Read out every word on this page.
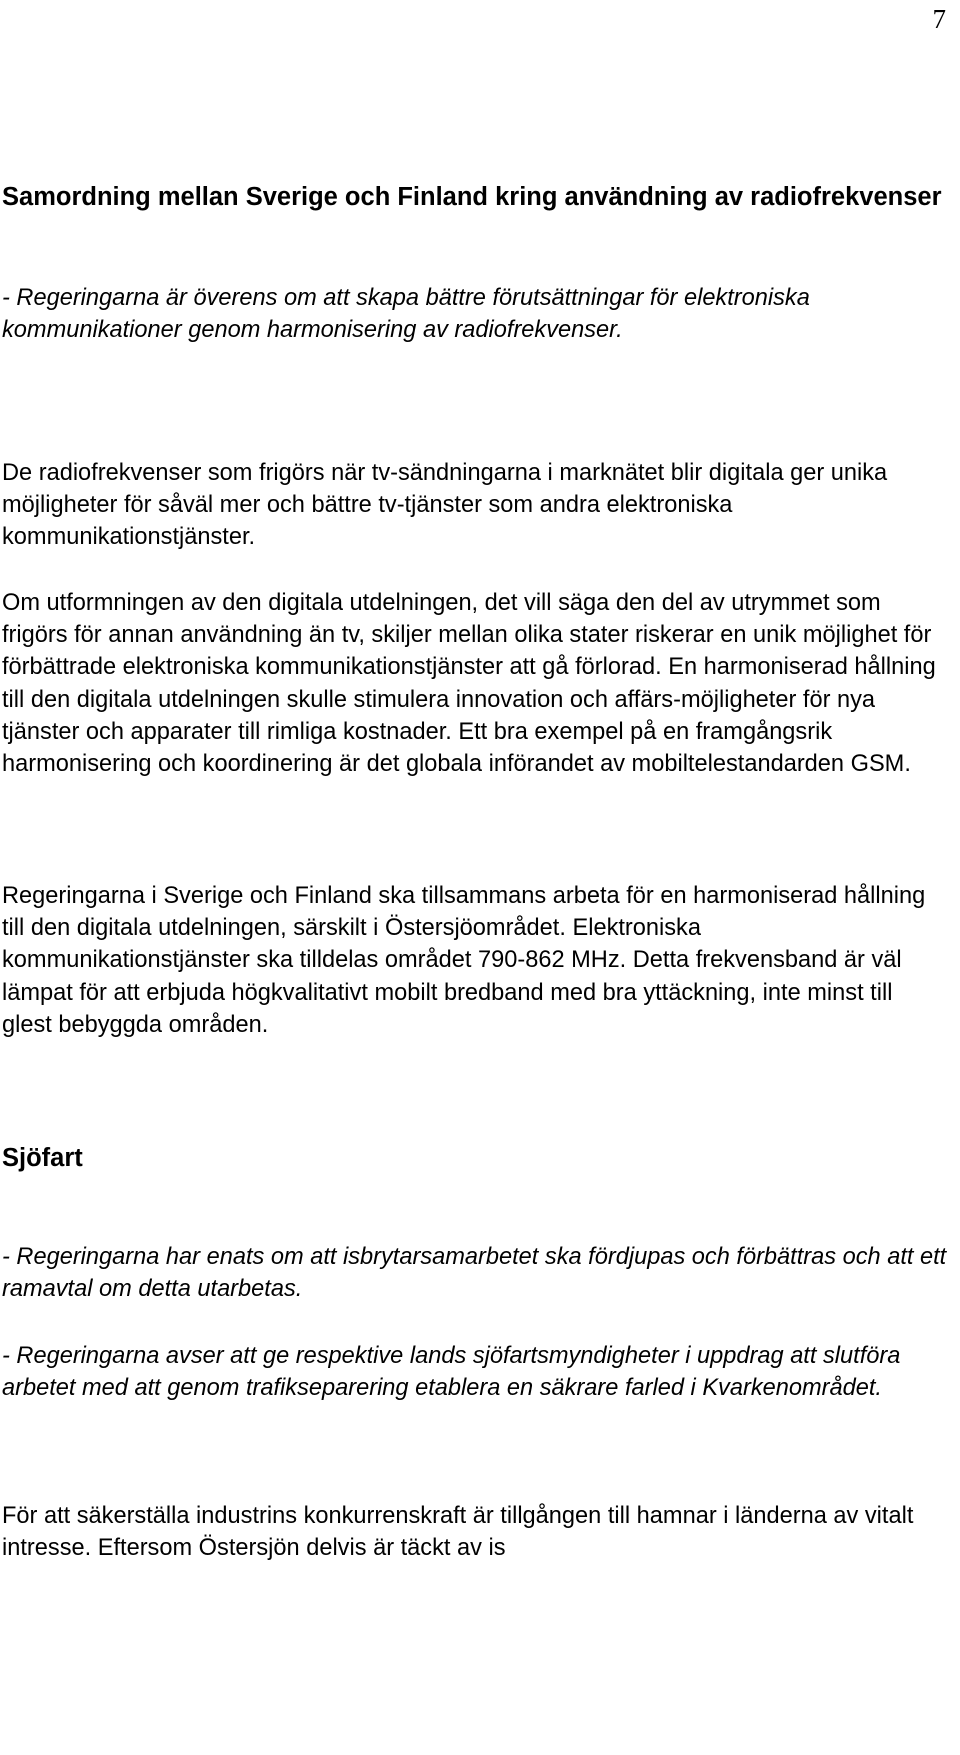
7
Samordning mellan Sverige och Finland kring användning av radiofrekvenser

- Regeringarna är överens om att skapa bättre förutsättningar för elektroniska kommunikationer genom harmonisering av radiofrekvenser.

De radiofrekvenser som frigörs när tv-sändningarna i marknätet blir digitala ger unika möjligheter för såväl mer och bättre tv-tjänster som andra elektroniska kommunikationstjänster.

Om utformningen av den digitala utdelningen, det vill säga den del av utrymmet som frigörs för annan användning än tv, skiljer mellan olika stater riskerar en unik möjlighet för förbättrade elektroniska kommunikationstjänster att gå förlorad. En harmoniserad hållning till den digitala utdelningen skulle stimulera innovation och affärs-möjligheter för nya tjänster och apparater till rimliga kostnader. Ett bra exempel på en framgångsrik harmonisering och koordinering är det globala införandet av mobiltelestandarden GSM.

Regeringarna i Sverige och Finland ska tillsammans arbeta för en harmoniserad hållning till den digitala utdelningen, särskilt i Östersjöområdet. Elektroniska kommunikationstjänster ska tilldelas området 790-862 MHz. Detta frekvensband är väl lämpat för att erbjuda högkvalitativt mobilt bredband med bra yttäckning, inte minst till glest bebyggda områden.

Sjöfart

- Regeringarna har enats om att isbrytarsamarbetet ska fördjupas och förbättras och att ett ramavtal om detta utarbetas.

- Regeringarna avser att ge respektive lands sjöfartsmyndigheter i uppdrag att slutföra arbetet med att genom trafikseparering etablera en säkrare farled i Kvarkenområdet.

För att säkerställa industrins konkurrenskraft är tillgången till hamnar i länderna av vitalt intresse. Eftersom Östersjön delvis är täckt av is
